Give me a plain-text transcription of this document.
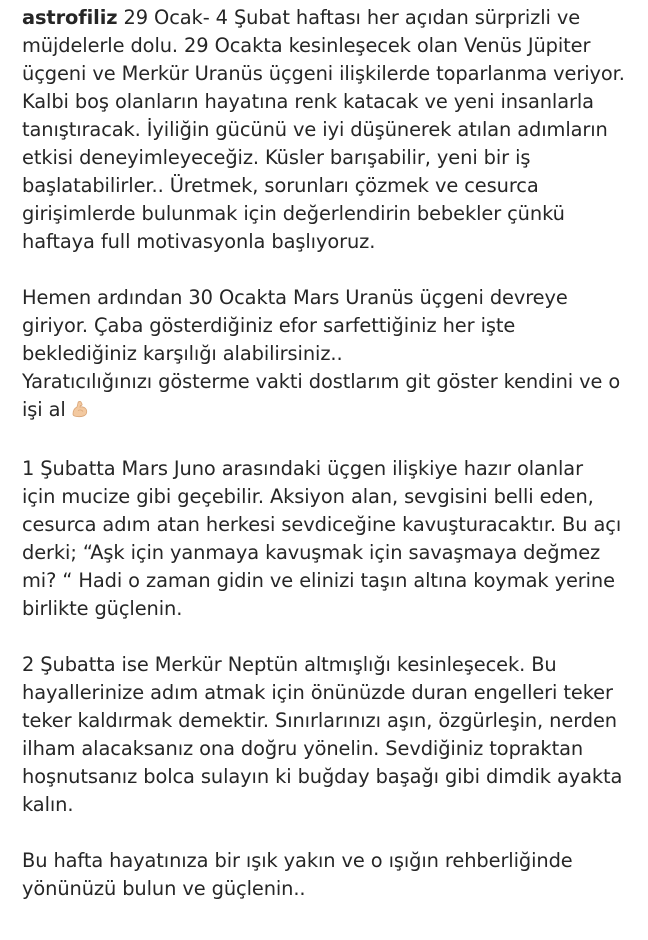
astrofiliz 29 Ocak- 4 Şubat haftası her açıdan sürprizli ve
müjdelerle dolu. 29 Ocakta kesinleşecek olan Venüs Jüpiter
üçgeni ve Merkür Uranüs üçgeni ilişkilerde toparlanma veriyor.
Kalbi boş olanların hayatına renk katacak ve yeni insanlarla
tanıştıracak. İyiliğin gücünü ve iyi düşünerek atılan adımların
etkisi deneyimleyeceğiz. Küsler barışabilir, yeni bir iş
başlatabilirler.. Üretmek, sorunları çözmek ve cesurca
girişimlerde bulunmak için değerlendirin bebekler çünkü
haftaya full motivasyonla başlıyoruz.
Hemen ardından 30 Ocakta Mars Uranüs üçgeni devreye
giriyor. Çaba gösterdiğiniz efor sarfettiğiniz her işte
beklediğiniz karşılığı alabilirsiniz..
Yaratıcılığınızı gösterme vakti dostlarım git göster kendini ve o
işi al
1 Şubatta Mars Juno arasındaki üçgen ilişkiye hazır olanlar
için mucize gibi geçebilir. Aksiyon alan, sevgisini belli eden,
cesurca adım atan herkesi sevdiceğine kavuşturacaktır. Bu açı
derki; “Aşk için yanmaya kavuşmak için savaşmaya değmez
mi? “ Hadi o zaman gidin ve elinizi taşın altına koymak yerine
birlikte güçlenin.
2 Şubatta ise Merkür Neptün altmışlığı kesinleşecek. Bu
hayallerinize adım atmak için önünüzde duran engelleri teker
teker kaldırmak demektir. Sınırlarınızı aşın, özgürleşin, nerden
ilham alacaksanız ona doğru yönelin. Sevdiğiniz topraktan
hoşnutsanız bolca sulayın ki buğday başağı gibi dimdik ayakta
kalın.
Bu hafta hayatınıza bir ışık yakın ve o ışığın rehberliğinde
yönünüzü bulun ve güçlenin..
